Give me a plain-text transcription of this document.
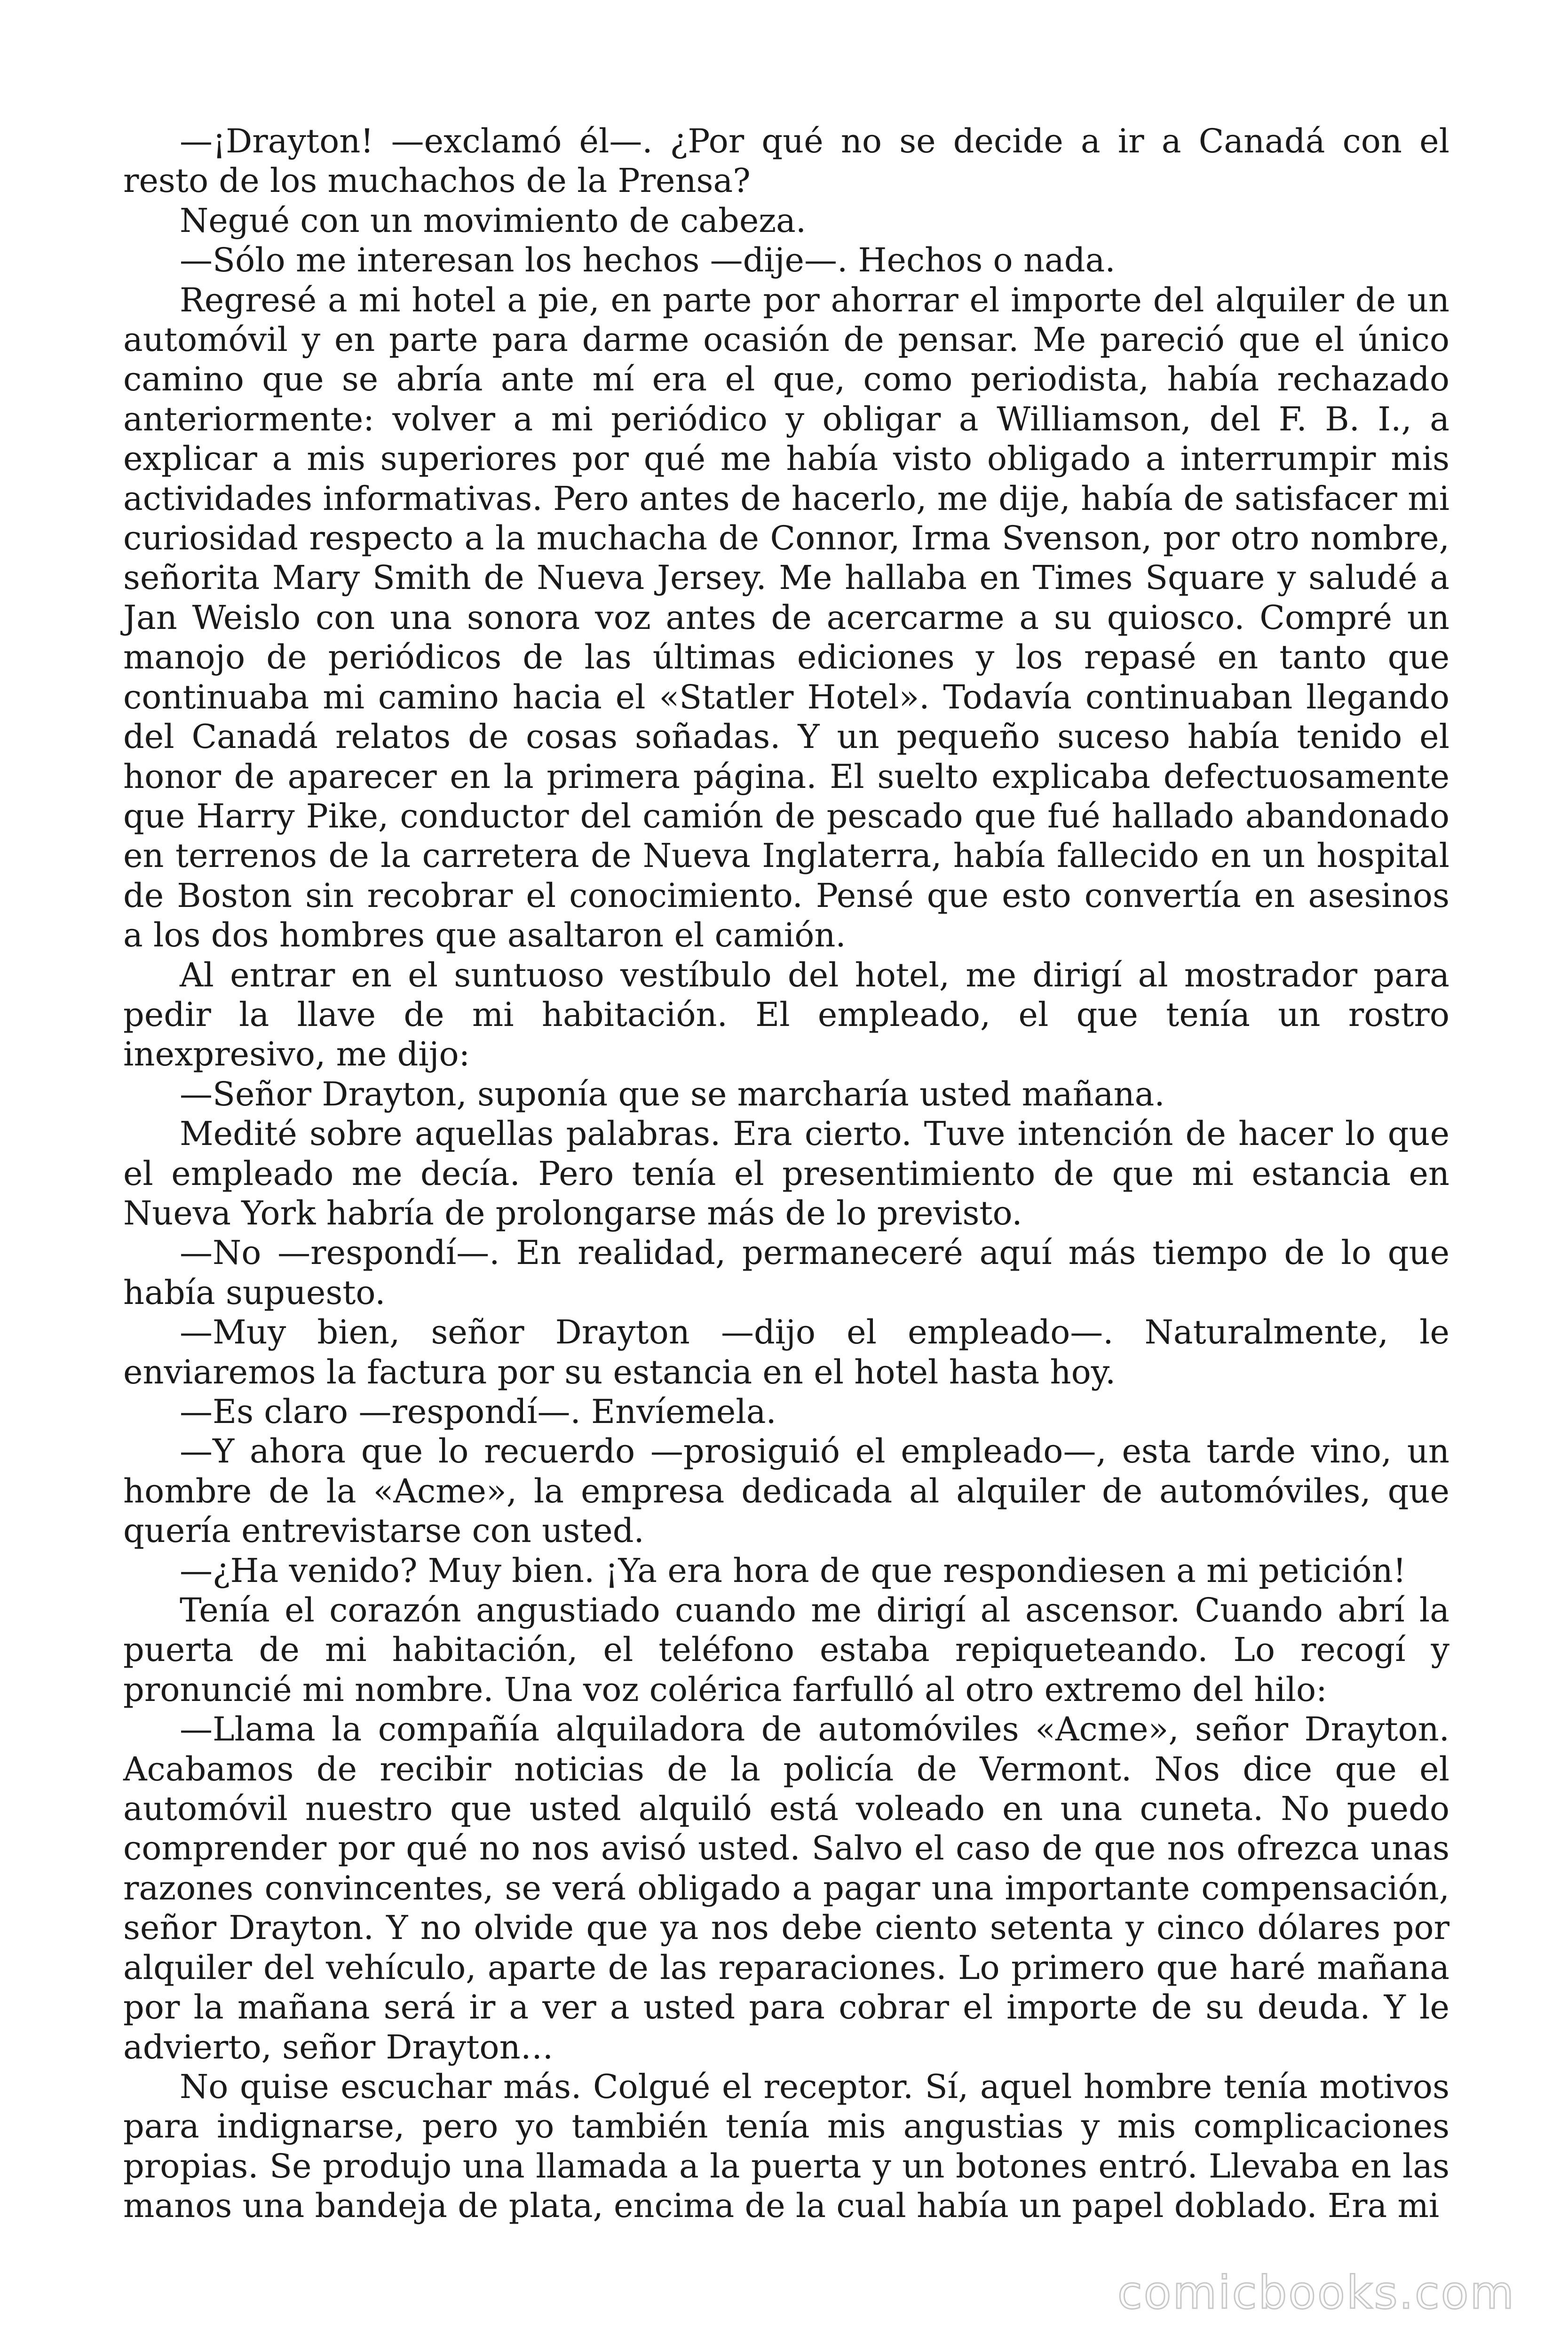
—¡Drayton! —exclamó él—. ¿Por qué no se decide a ir a Canadá con el resto de los muchachos de la Prensa?

Negué con un movimiento de cabeza.

—Sólo me interesan los hechos —dije—. Hechos o nada.

Regresé a mi hotel a pie, en parte por ahorrar el importe del alquiler de un automóvil y en parte para darme ocasión de pensar. Me pareció que el único camino que se abría ante mí era el que, como periodista, había rechazado anteriormente: volver a mi periódico y obligar a Williamson, del F. B. I., a explicar a mis superiores por qué me había visto obligado a interrumpir mis actividades informativas. Pero antes de hacerlo, me dije, había de satisfacer mi curiosidad respecto a la muchacha de Connor, Irma Svenson, por otro nombre, señorita Mary Smith de Nueva Jersey. Me hallaba en Times Square y saludé a Jan Weislo con una sonora voz antes de acercarme a su quiosco. Compré un manojo de periódicos de las últimas ediciones y los repasé en tanto que continuaba mi camino hacia el «Statler Hotel». Todavía continuaban llegando del Canadá relatos de cosas soñadas. Y un pequeño suceso había tenido el honor de aparecer en la primera página. El suelto explicaba defectuosamente que Harry Pike, conductor del camión de pescado que fué hallado abandonado en terrenos de la carretera de Nueva Inglaterra, había fallecido en un hospital de Boston sin recobrar el conocimiento. Pensé que esto convertía en asesinos a los dos hombres que asaltaron el camión.

Al entrar en el suntuoso vestíbulo del hotel, me dirigí al mostrador para pedir la llave de mi habitación. El empleado, el que tenía un rostro inexpresivo, me dijo:

—Señor Drayton, suponía que se marcharía usted mañana.

Medité sobre aquellas palabras. Era cierto. Tuve intención de hacer lo que el empleado me decía. Pero tenía el presentimiento de que mi estancia en Nueva York habría de prolongarse más de lo previsto.

—No —respondí—. En realidad, permaneceré aquí más tiempo de lo que había supuesto.

—Muy bien, señor Drayton —dijo el empleado—. Naturalmente, le enviaremos la factura por su estancia en el hotel hasta hoy.

—Es claro —respondí—. Envíemela.

—Y ahora que lo recuerdo —prosiguió el empleado—, esta tarde vino, un hombre de la «Acme», la empresa dedicada al alquiler de automóviles, que quería entrevistarse con usted.

—¿Ha venido? Muy bien. ¡Ya era hora de que respondiesen a mi petición!

Tenía el corazón angustiado cuando me dirigí al ascensor. Cuando abrí la puerta de mi habitación, el teléfono estaba repiqueteando. Lo recogí y pronuncié mi nombre. Una voz colérica farfulló al otro extremo del hilo:

—Llama la compañía alquiladora de automóviles «Acme», señor Drayton. Acabamos de recibir noticias de la policía de Vermont. Nos dice que el automóvil nuestro que usted alquiló está voleado en una cuneta. No puedo comprender por qué no nos avisó usted. Salvo el caso de que nos ofrezca unas razones convincentes, se verá obligado a pagar una importante compensación, señor Drayton. Y no olvide que ya nos debe ciento setenta y cinco dólares por alquiler del vehículo, aparte de las reparaciones. Lo primero que haré mañana por la mañana será ir a ver a usted para cobrar el importe de su deuda. Y le advierto, señor Drayton…

No quise escuchar más. Colgué el receptor. Sí, aquel hombre tenía motivos para indignarse, pero yo también tenía mis angustias y mis complicaciones propias. Se produjo una llamada a la puerta y un botones entró. Llevaba en las manos una bandeja de plata, encima de la cual había un papel doblado. Era mi

comicbooks.com
